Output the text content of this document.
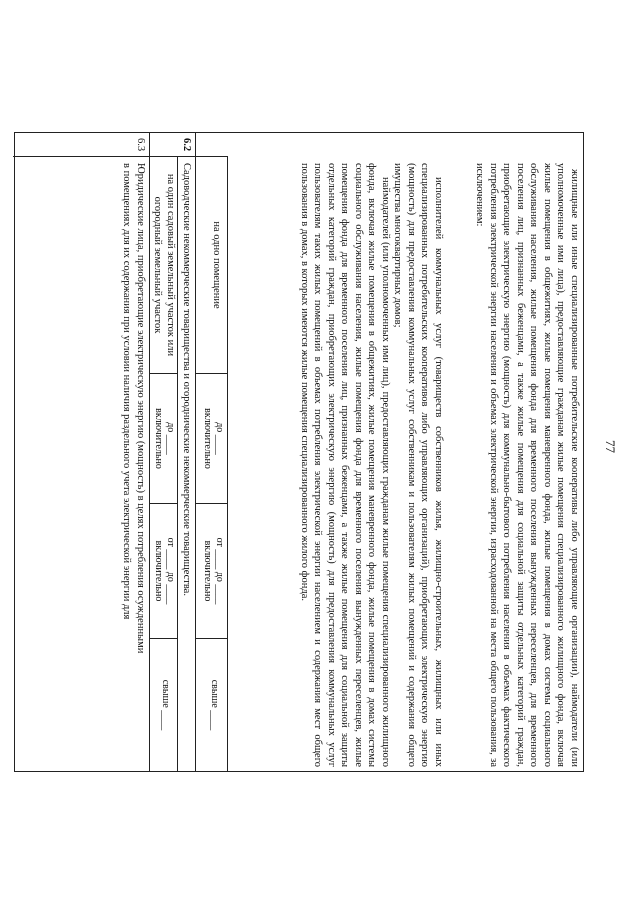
77
жилищные или иные специализированные потребительские кооперативы либо управляющие организации), наймодатели (или уполномоченные ими лица), предоставляющие гражданам жилые помещения специализированного жилищного фонда, включая жилые помещения в общежитиях, жилые помещения маневренного фонда, жилые помещения в домах системы социального обслуживания населения, жилые помещения фонда для временного поселения вынужденных переселенцев, для временного поселения лиц, признанных беженцами, а также жилые помещения для социальной защиты отдельных категорий граждан, приобретающие электрическую энергию (мощность) для коммунально-бытового потребления населения в объемах фактического потребления электрической энергии населения и объемах электрической энергии, израсходованной на места общего пользования, за исключением:
исполнителей коммунальных услуг (товариществ собственников жилья, жилищно-строительных, жилищных или иных специализированных потребительских кооперативов либо управляющих организаций), приобретающих электрическую энергию (мощность) для предоставления коммунальных услуг собственникам и пользователям жилых помещений и содержания общего имущества многоквартирных домов;
наймодателей (или уполномоченных ими лиц), предоставляющих гражданам жилые помещения специализированного жилищного фонда, включая жилые помещения в общежитиях, жилые помещения маневренного фонда, жилые помещения в домах системы социального обслуживания населения, жилые помещения фонда для временного поселения вынужденных переселенцев, жилые помещения фонда для временного поселения лиц, признанных беженцами, а также жилые помещения для социальной защиты отдельных категорий граждан, приобретающих электрическую энергию (мощность) для предоставления коммунальных услуг пользователям таких жилых помещений в объемах потребления электрической энергии населением и содержания мест общего пользования в домах, в которых имеются жилые помещения специализированного жилого фонда.
на одно помещение
до ____
включительно
от ____ до ____
включительно
свыше ____
6.2
Садоводческие некоммерческие товарищества и огороднические некоммерческие товарищества.
на один садовый земельный участок или
огородный земельный участок
до ____
включительно
от ____ до ____
включительно
свыше ____
6.3
Юридические лица, приобретающие электрическую энергию (мощность) в целях потребления осужденными
в помещениях для их содержания при условии наличия раздельного учета электрической энергии для
